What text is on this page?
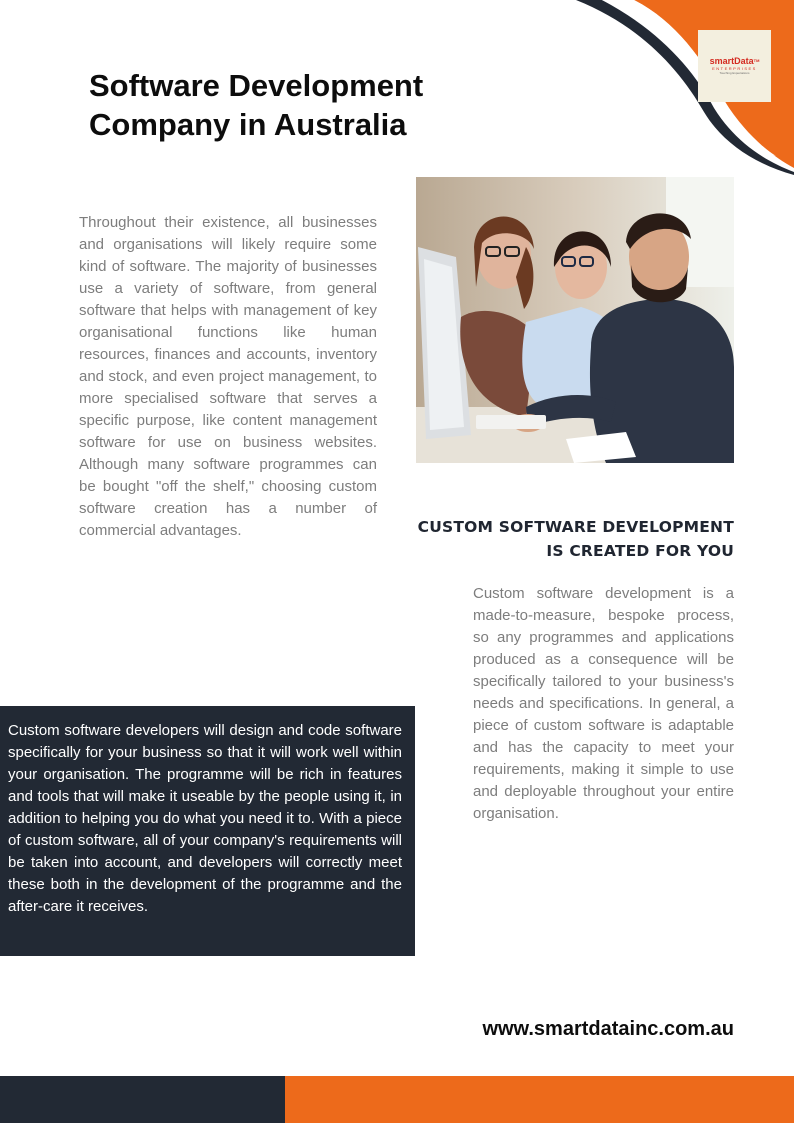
smartData™
ENTERPRISES
Touching Expectations
Software Development
Company in Australia

Throughout their existence, all businesses and organisations will likely require some kind of software. The majority of businesses use a variety of software, from general software that helps with management of key organisational functions like human resources, finances and accounts, inventory and stock, and even project management, to more specialised software that serves a specific purpose, like content management software for use on business websites. Although many software programmes can be bought "off the shelf," choosing custom software creation has a number of commercial advantages.	CUSTOM SOFTWARE DEVELOPMENT
IS CREATED FOR YOU

Custom software development is a made-to-measure, bespoke process, so any programmes and applications produced as a consequence will be specifically tailored to your business's needs and specifications. In general, a piece of custom software is adaptable and has the capacity to meet your requirements, making it simple to use and deployable throughout your entire organisation.

Custom software developers will design and code software specifically for your business so that it will work well within your organisation. The programme will be rich in features and tools that will make it useable by the people using it, in addition to helping you do what you need it to. With a piece of custom software, all of your company's requirements will be taken into account, and developers will correctly meet these both in the development of the programme and the after-care it receives.

www.smartdatainc.com.au
